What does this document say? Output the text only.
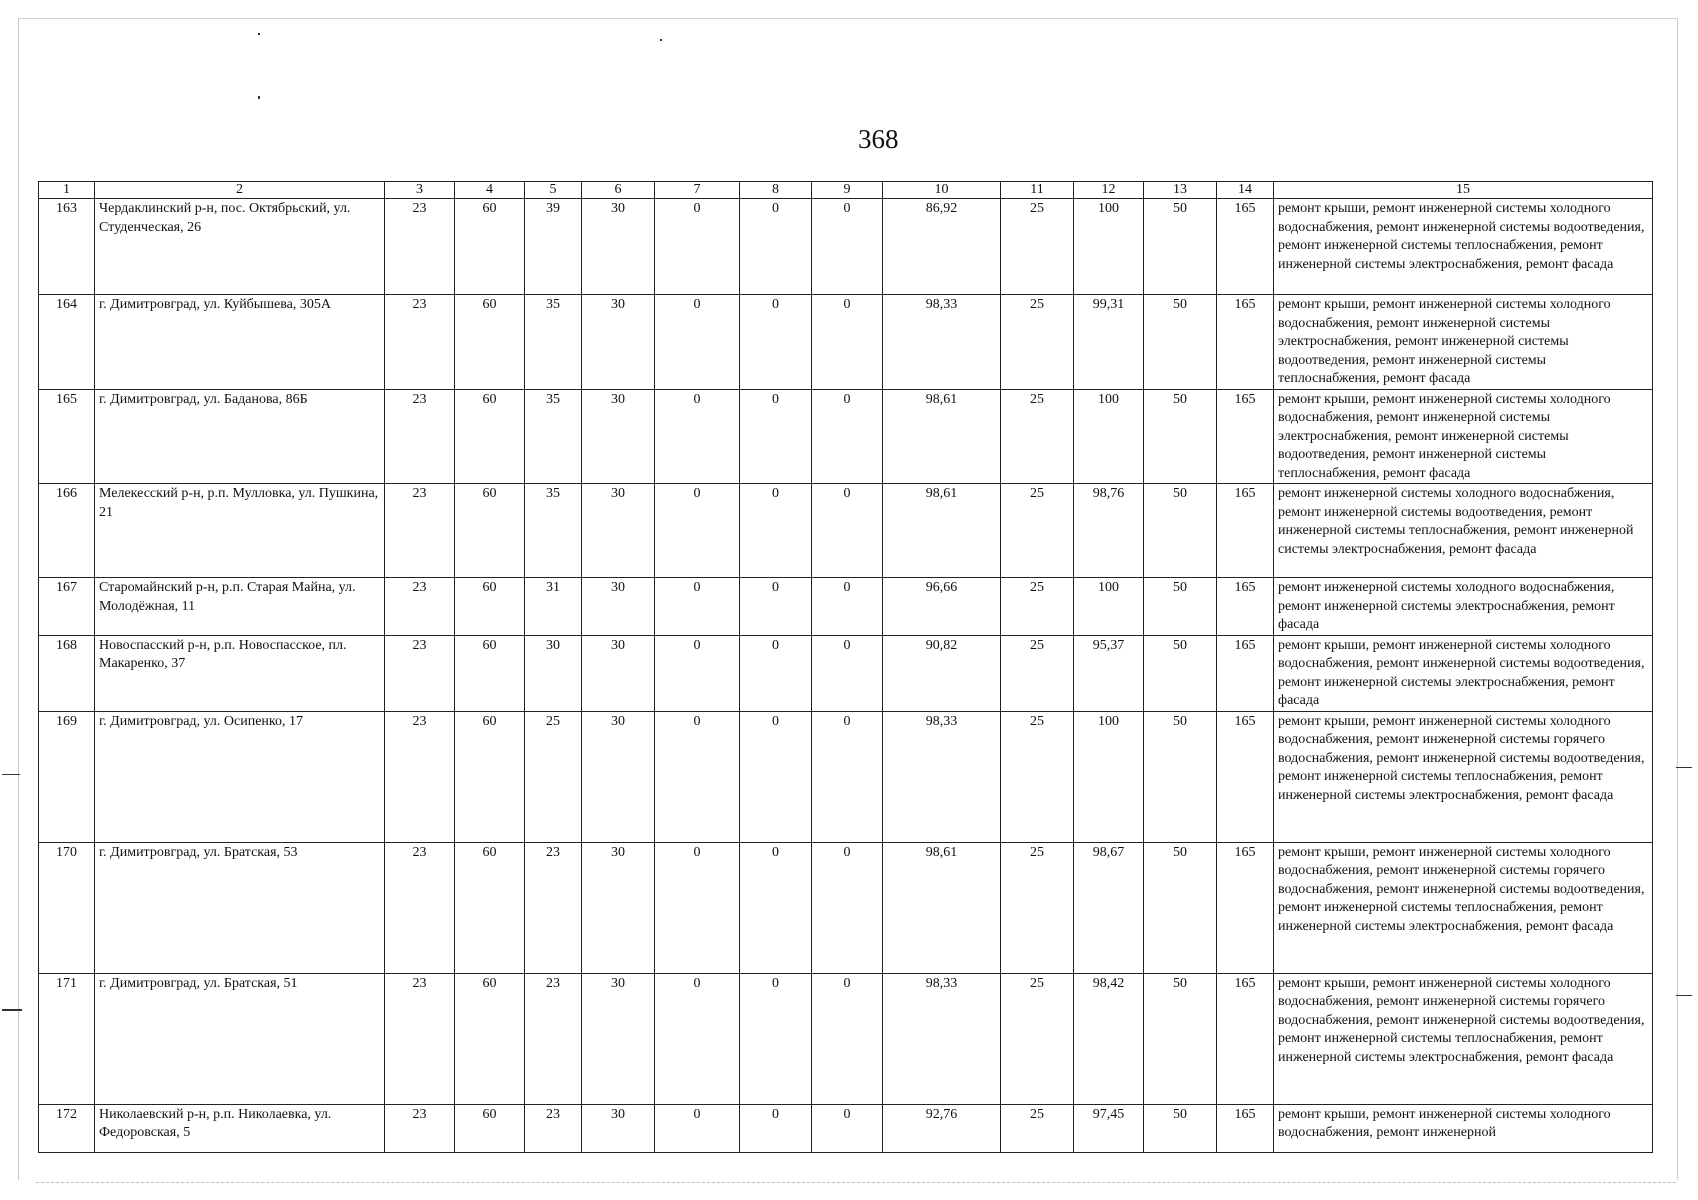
368
1	2	3	4	5	6	7	8	9	10	11	12	13	14	15
163	Чердаклинский р-н, пос. Октябрьский, ул. Студенческая, 26	23	60	39	30	0	0	0	86,92	25	100	50	165	ремонт крыши, ремонт инженерной системы холодного водоснабжения, ремонт инженерной системы водоотведения, ремонт инженерной системы теплоснабжения, ремонт инженерной системы электроснабжения, ремонт фасада
164	г. Димитровград, ул. Куйбышева, 305А	23	60	35	30	0	0	0	98,33	25	99,31	50	165	ремонт крыши, ремонт инженерной системы холодного водоснабжения, ремонт инженерной системы электроснабжения, ремонт инженерной системы водоотведения, ремонт инженерной системы теплоснабжения, ремонт фасада
165	г. Димитровград, ул. Баданова, 86Б	23	60	35	30	0	0	0	98,61	25	100	50	165	ремонт крыши, ремонт инженерной системы холодного водоснабжения, ремонт инженерной системы электроснабжения, ремонт инженерной системы водоотведения, ремонт инженерной системы теплоснабжения, ремонт фасада
166	Мелекесский р-н, р.п. Мулловка, ул. Пушкина, 21	23	60	35	30	0	0	0	98,61	25	98,76	50	165	ремонт инженерной системы холодного водоснабжения, ремонт инженерной системы водоотведения, ремонт инженерной системы теплоснабжения, ремонт инженерной системы электроснабжения, ремонт фасада
167	Старомайнский р-н, р.п. Старая Майна, ул. Молодёжная, 11	23	60	31	30	0	0	0	96,66	25	100	50	165	ремонт инженерной системы холодного водоснабжения, ремонт инженерной системы электроснабжения, ремонт фасада
168	Новоспасский р-н, р.п. Новоспасское, пл. Макаренко, 37	23	60	30	30	0	0	0	90,82	25	95,37	50	165	ремонт крыши, ремонт инженерной системы холодного водоснабжения, ремонт инженерной системы водоотведения, ремонт инженерной системы электроснабжения, ремонт фасада
169	г. Димитровград, ул. Осипенко, 17	23	60	25	30	0	0	0	98,33	25	100	50	165	ремонт крыши, ремонт инженерной системы холодного водоснабжения, ремонт инженерной системы горячего водоснабжения, ремонт инженерной системы водоотведения, ремонт инженерной системы теплоснабжения, ремонт инженерной системы электроснабжения, ремонт фасада
170	г. Димитровград, ул. Братская, 53	23	60	23	30	0	0	0	98,61	25	98,67	50	165	ремонт крыши, ремонт инженерной системы холодного водоснабжения, ремонт инженерной системы горячего водоснабжения, ремонт инженерной системы водоотведения, ремонт инженерной системы теплоснабжения, ремонт инженерной системы электроснабжения, ремонт фасада
171	г. Димитровград, ул. Братская, 51	23	60	23	30	0	0	0	98,33	25	98,42	50	165	ремонт крыши, ремонт инженерной системы холодного водоснабжения, ремонт инженерной системы горячего водоснабжения, ремонт инженерной системы водоотведения, ремонт инженерной системы теплоснабжения, ремонт инженерной системы электроснабжения, ремонт фасада
172	Николаевский р-н, р.п. Николаевка, ул. Федоровская, 5	23	60	23	30	0	0	0	92,76	25	97,45	50	165	ремонт крыши, ремонт инженерной системы холодного водоснабжения, ремонт инженерной
